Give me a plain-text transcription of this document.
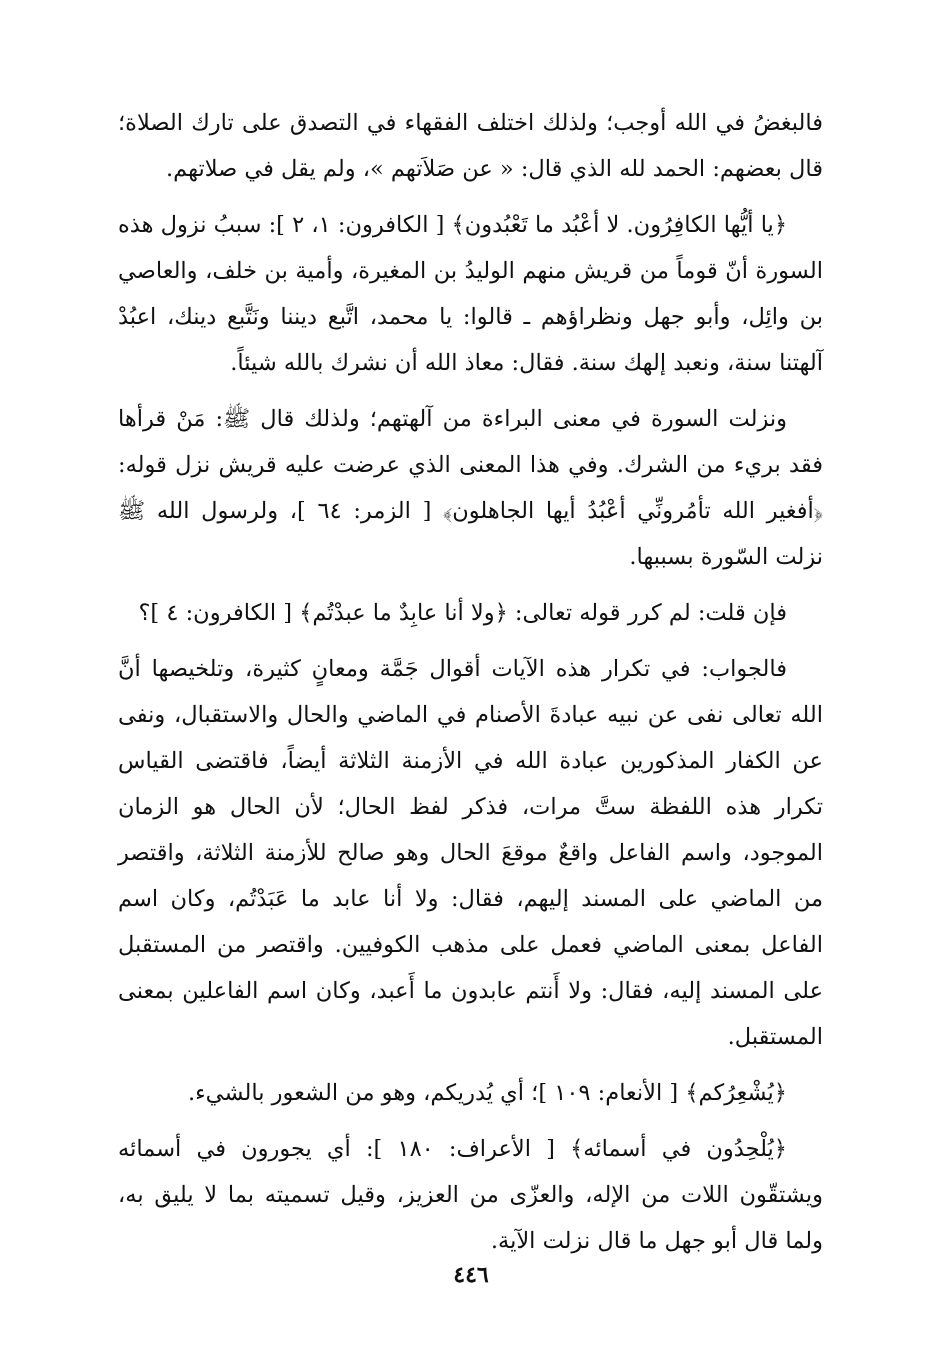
فالبغضُ في الله أوجب؛ ولذلك اختلف الفقهاء في التصدق على تارك الصلاة؛ قال بعضهم: الحمد لله الذي قال: « عن صَلاَتهم »، ولم يقل في صلاتهم.

﴿يا أيُّها الكافِرُون. لا أعْبُد ما تَعْبُدون﴾ [ الكافرون: ١، ٢ ]: سببُ نزول هذه السورة أنّ قوماً من قريش منهم الوليدُ بن المغيرة، وأمية بن خلف، والعاصي بن وائِل، وأبو جهل ونظراؤهم ـ قالوا: يا محمد، اتَّبع ديننا ونَتَّبع دينك، اعبُدْ آلهتنا سنة، ونعبد إلهك سنة. فقال: معاذ الله أن نشرك بالله شيئاً.

ونزلت السورة في معنى البراءة من آلهتهم؛ ولذلك قال ﷺ: مَنْ قرأها فقد بريء من الشرك. وفي هذا المعنى الذي عرضت عليه قريش نزل قوله: ﴿أفغير الله تأمُرونِّي أعْبُدُ أيها الجاهلون﴾ [ الزمر: ٦٤ ]، ولرسول الله ﷺ نزلت السّورة بسببها.

فإن قلت: لم كرر قوله تعالى: ﴿ولا أنا عابِدٌ ما عبدْتُم﴾ [ الكافرون: ٤ ]؟

فالجواب: في تكرار هذه الآيات أقوال جَمَّة ومعانٍ كثيرة، وتلخيصها أنَّ الله تعالى نفى عن نبيه عبادةَ الأصنام في الماضي والحال والاستقبال، ونفى عن الكفار المذكورين عبادة الله في الأزمنة الثلاثة أيضاً، فاقتضى القياس تكرار هذه اللفظة ستَّ مرات، فذكر لفظ الحال؛ لأن الحال هو الزمان الموجود، واسم الفاعل واقعٌ موقعَ الحال وهو صالح للأزمنة الثلاثة، واقتصر من الماضي على المسند إليهم، فقال: ولا أنا عابد ما عَبَدْتُم، وكان اسم الفاعل بمعنى الماضي فعمل على مذهب الكوفيين. واقتصر من المستقبل على المسند إليه، فقال: ولا أَنتم عابدون ما أَعبد، وكان اسم الفاعلين بمعنى المستقبل.

﴿يُشْعِرُكم﴾ [ الأنعام: ١٠٩ ]؛ أي يُدريكم، وهو من الشعور بالشيء.

﴿يُلْحِدُون في أسمائه﴾ [ الأعراف: ١٨٠ ]: أي يجورون في أسمائه ويشتقّون اللات من الإله، والعزّى من العزيز، وقيل تسميته بما لا يليق به، ولما قال أبو جهل ما قال نزلت الآية.

٤٤٦
